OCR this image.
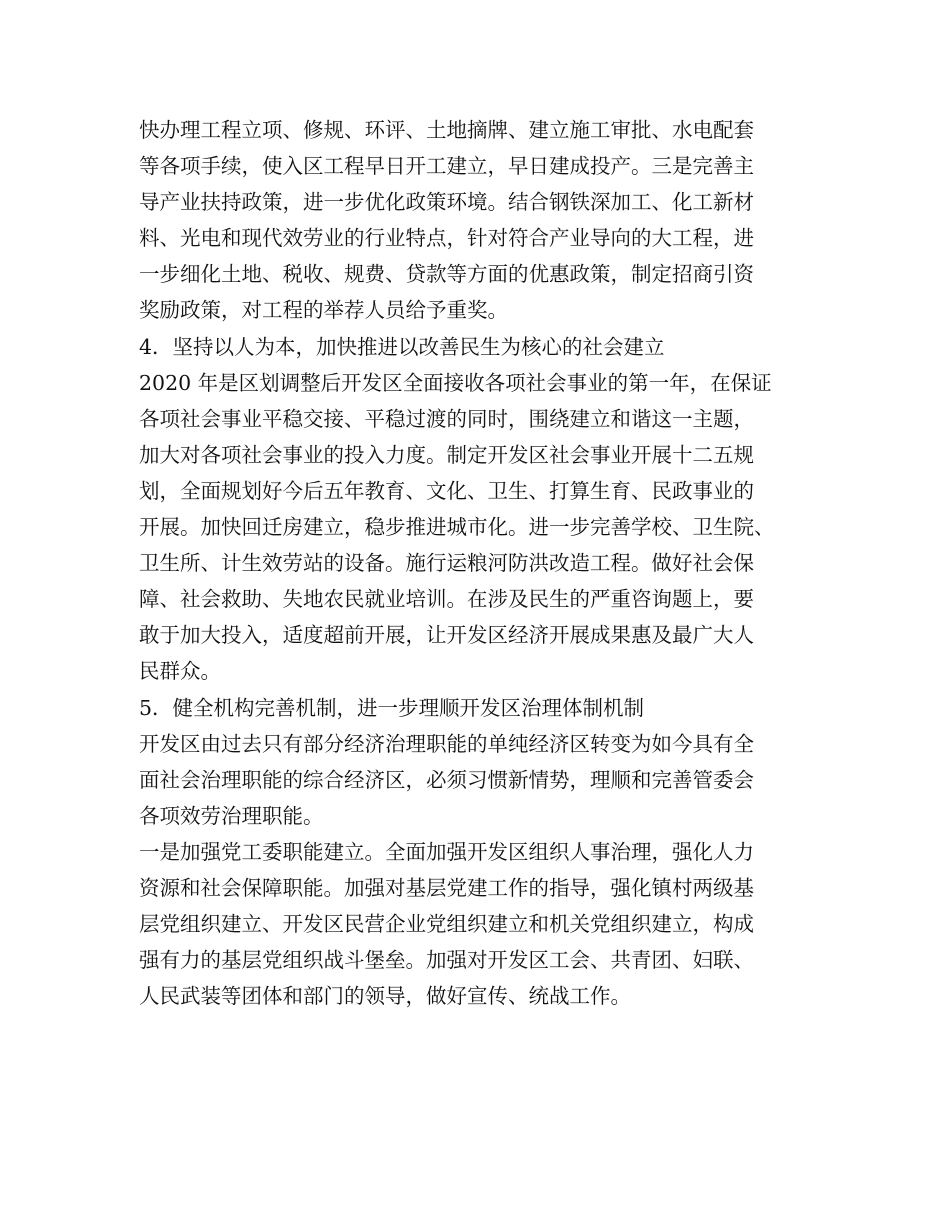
快办理工程立项、修规、环评、土地摘牌、建立施工审批、水电配套
等各项手续，使入区工程早日开工建立，早日建成投产。三是完善主
导产业扶持政策，进一步优化政策环境。结合钢铁深加工、化工新材
料、光电和现代效劳业的行业特点，针对符合产业导向的大工程，进
一步细化土地、税收、规费、贷款等方面的优惠政策，制定招商引资
奖励政策，对工程的举荐人员给予重奖。
4．坚持以人为本，加快推进以改善民生为核心的社会建立
2020 年是区划调整后开发区全面接收各项社会事业的第一年，在保证
各项社会事业平稳交接、平稳过渡的同时，围绕建立和谐这一主题，
加大对各项社会事业的投入力度。制定开发区社会事业开展十二五规
划，全面规划好今后五年教育、文化、卫生、打算生育、民政事业的
开展。加快回迁房建立，稳步推进城市化。进一步完善学校、卫生院、
卫生所、计生效劳站的设备。施行运粮河防洪改造工程。做好社会保
障、社会救助、失地农民就业培训。在涉及民生的严重咨询题上，要
敢于加大投入，适度超前开展，让开发区经济开展成果惠及最广大人
民群众。
5．健全机构完善机制，进一步理顺开发区治理体制机制
开发区由过去只有部分经济治理职能的单纯经济区转变为如今具有全
面社会治理职能的综合经济区，必须习惯新情势，理顺和完善管委会
各项效劳治理职能。
一是加强党工委职能建立。全面加强开发区组织人事治理，强化人力
资源和社会保障职能。加强对基层党建工作的指导，强化镇村两级基
层党组织建立、开发区民营企业党组织建立和机关党组织建立，构成
强有力的基层党组织战斗堡垒。加强对开发区工会、共青团、妇联、
人民武装等团体和部门的领导，做好宣传、统战工作。
